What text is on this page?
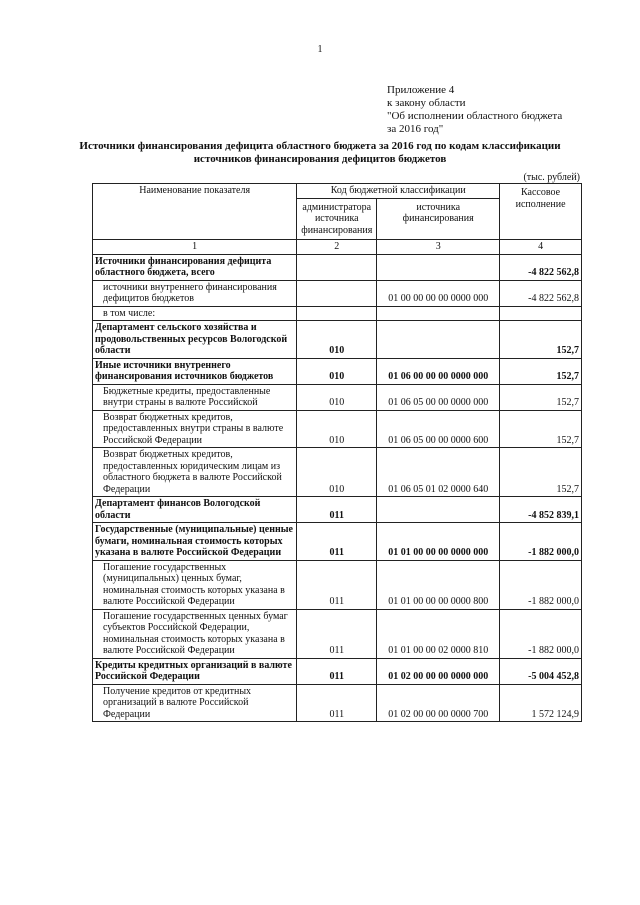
1
Приложение 4
к закону области
"Об исполнении областного бюджета
за 2016 год"
Источники финансирования дефицита областного бюджета за 2016 год по кодам классификации источников финансирования дефицитов бюджетов
(тыс. рублей)
Наименование показателя	Код бюджетной классификации		Кассовое исполнение
	администратора источника финансирования	источника финансирования	
1	2	3	4
Источники финансирования дефицита областного бюджета, всего			-4 822 562,8
источники внутреннего финансирования дефицитов бюджетов		01 00 00 00 00 0000 000	-4 822 562,8
в том числе:			
Департамент сельского хозяйства и продовольственных ресурсов Вологодской области	010		152,7
Иные источники внутреннего финансирования источников бюджетов	010	01 06 00 00 00 0000 000	152,7
Бюджетные кредиты, предоставленные внутри страны в валюте Российской	010	01 06 05 00 00 0000 000	152,7
Возврат бюджетных кредитов, предоставленных внутри страны в валюте Российской Федерации	010	01 06 05 00 00 0000 600	152,7
Возврат бюджетных кредитов, предоставленных юридическим лицам из областного бюджета в валюте Российской Федерации	010	01 06 05 01 02 0000 640	152,7
Департамент финансов Вологодской области	011		-4 852 839,1
Государственные (муниципальные) ценные бумаги, номинальная стоимость которых указана в валюте Российской Федерации	011	01 01 00 00 00 0000 000	-1 882 000,0
Погашение государственных (муниципальных) ценных бумаг, номинальная стоимость которых указана в валюте Российской Федерации	011	01 01 00 00 00 0000 800	-1 882 000,0
Погашение государственных ценных бумаг субъектов Российской Федерации, номинальная стоимость которых указана в валюте Российской Федерации	011	01 01 00 00 02 0000 810	-1 882 000,0
Кредиты кредитных организаций в валюте Российской Федерации	011	01 02 00 00 00 0000 000	-5 004 452,8
Получение кредитов от кредитных организаций в валюте Российской Федерации	011	01 02 00 00 00 0000 700	1 572 124,9
